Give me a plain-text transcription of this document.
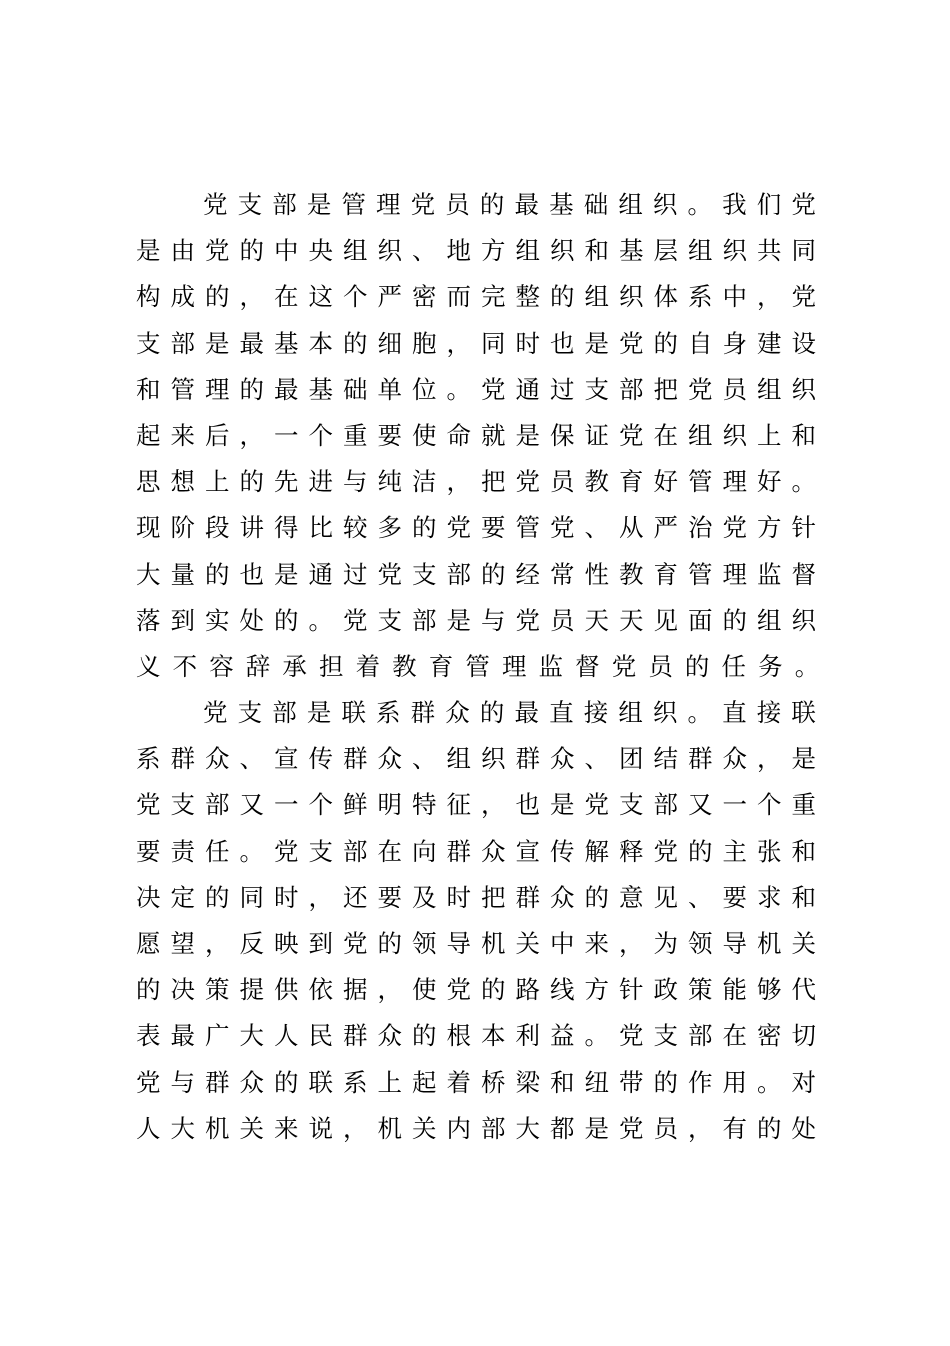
党 支 部 是 管 理 党 员 的 最 基 础 组 织 。 我 们 党
是 由 党 的 中 央 组 织 、 地 方 组 织 和 基 层 组 织 共 同
构 成 的 ， 在 这 个 严 密 而 完 整 的 组 织 体 系 中 ， 党
支 部 是 最 基 本 的 细 胞 ， 同 时 也 是 党 的 自 身 建 设
和 管 理 的 最 基 础 单 位 。 党 通 过 支 部 把 党 员 组 织
起 来 后 ， 一 个 重 要 使 命 就 是 保 证 党 在 组 织 上 和
思 想 上 的 先 进 与 纯 洁 ， 把 党 员 教 育 好 管 理 好 。
现 阶 段 讲 得 比 较 多 的 党 要 管 党 、 从 严 治 党 方 针
大 量 的 也 是 通 过 党 支 部 的 经 常 性 教 育 管 理 监 督
落 到 实 处 的 。 党 支 部 是 与 党 员 天 天 见 面 的 组 织
义 不 容 辞 承 担 着 教 育 管 理 监 督 党 员 的 任 务 。
党 支 部 是 联 系 群 众 的 最 直 接 组 织 。 直 接 联
系 群 众 、 宣 传 群 众 、 组 织 群 众 、 团 结 群 众 ， 是
党 支 部 又 一 个 鲜 明 特 征 ， 也 是 党 支 部 又 一 个 重
要 责 任 。 党 支 部 在 向 群 众 宣 传 解 释 党 的 主 张 和
决 定 的 同 时 ， 还 要 及 时 把 群 众 的 意 见 、 要 求 和
愿 望 ， 反 映 到 党 的 领 导 机 关 中 来 ， 为 领 导 机 关
的 决 策 提 供 依 据 ， 使 党 的 路 线 方 针 政 策 能 够 代
表 最 广 大 人 民 群 众 的 根 本 利 益 。 党 支 部 在 密 切
党 与 群 众 的 联 系 上 起 着 桥 梁 和 纽 带 的 作 用 。 对
人 大 机 关 来 说 ， 机 关 内 部 大 都 是 党 员 ， 有 的 处
